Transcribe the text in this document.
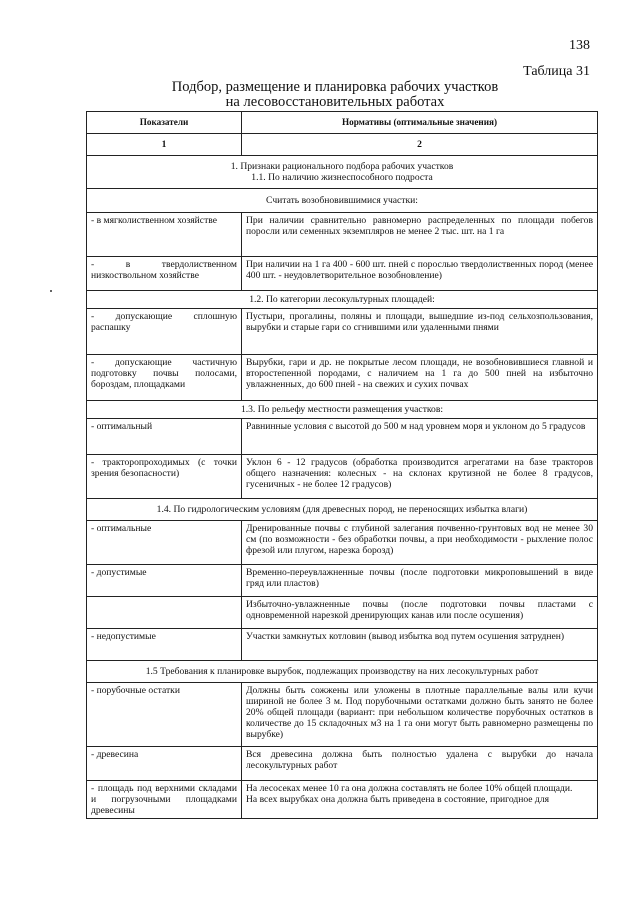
138
Таблица 31
Подбор, размещение и планировка рабочих участков
на лесовосстановительных работах
Показатели	Нормативы (оптимальные значения)
1	2

1. Признаки рационального подбора рабочих участков
1.1. По наличию жизнеспособного подроста	

Считать возобновившимися участки:	
- в мягколиственном хозяйстве	При наличии сравнительно равномерно распределенных по площади побегов поросли или семенных экземпляров не менее 2 тыс. шт. на 1 га
- в твердолиственном низкоствольном хозяйстве	При наличии на 1 га 400 - 600 шт. пней с порослью твердолиственных пород (менее 400 шт. - неудовлетворительное возобновление)
1.2. По категории лесокультурных площадей:	
- допускающие сплошную распашку	Пустыри, прогалины, поляны и площади, вышедшие из-под сельхозпользования, вырубки и старые гари со сгнившими или удаленными пнями
- допускающие частичную подготовку почвы полосами, бороздам, площадками	Вырубки, гари и др. не покрытые лесом площади, не возобновившиеся главной и второстепенной породами, с наличием на 1 га до 500 пней на избыточно увлажненных, до 600 пней - на свежих и сухих почвах
1.3. По рельефу местности размещения участков:	
- оптимальный	Равнинные условия с высотой до 500 м над уровнем моря и уклоном до 5 градусов
- тракторопроходимых (с точки зрения безопасности)	Уклон 6 - 12 градусов (обработка производится агрегатами на базе тракторов общего назначения: колесных - на склонах крутизной не более 8 градусов, гусеничных - не более 12 градусов)
1.4. По гидрологическим условиям (для древесных пород, не переносящих избытка влаги)	
- оптимальные	Дренированные почвы с глубиной залегания почвенно-грунтовых вод не менее 30 см (по возможности - без обработки почвы, а при необходимости - рыхление полос фрезой или плугом, нарезка борозд)
- допустимые	Временно-переувлажненные почвы (после подготовки микроповышений в виде гряд или пластов)
	Избыточно-увлажненные почвы (после подготовки почвы пластами с одновременной нарезкой дренирующих канав или после осушения)
- недопустимые	Участки замкнутых котловин (вывод избытка вод путем осушения затруднен)
1.5 Требования к планировке вырубок, подлежащих производству на них лесокультурных работ	
- порубочные остатки	Должны быть сожжены или уложены в плотные параллельные валы или кучи шириной не более 3 м. Под порубочными остатками должно быть занято не более 20% общей площади (вариант: при небольшом количестве порубочных остатков в количестве до 15 складочных м3 на 1 га они могут быть равномерно размещены по вырубке)
- древесина	Вся древесина должна быть полностью удалена с вырубки до начала лесокультурных работ
- площадь под верхними складами и погрузочными площадками древесины	На лесосеках менее 10 га она должна составлять не более 10% общей площади.
На всех вырубках она должна быть приведена в состояние, пригодное для
